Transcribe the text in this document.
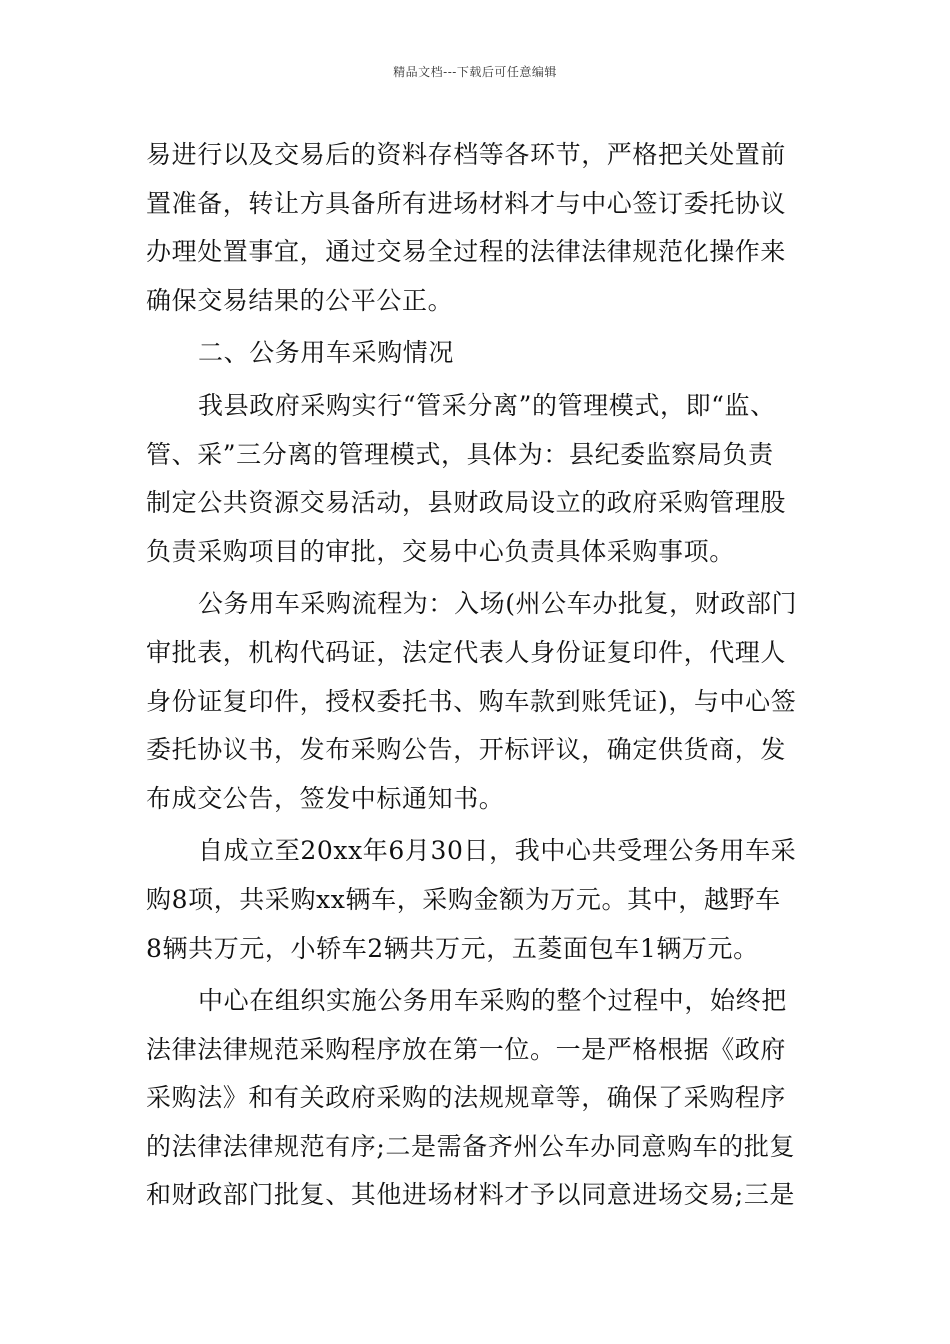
精品文档---下载后可任意编辑
易进行以及交易后的资料存档等各环节，严格把关处置前
置准备，转让方具备所有进场材料才与中心签订委托协议
办理处置事宜，通过交易全过程的法律法律规范化操作来
确保交易结果的公平公正。
二、公务用车采购情况
我县政府采购实行“管采分离”的管理模式，即“监、
管、采”三分离的管理模式，具体为：县纪委监察局负责
制定公共资源交易活动，县财政局设立的政府采购管理股
负责采购项目的审批，交易中心负责具体采购事项。
公务用车采购流程为：入场(州公车办批复，财政部门
审批表，机构代码证，法定代表人身份证复印件，代理人
身份证复印件，授权委托书、购车款到账凭证)，与中心签
委托协议书，发布采购公告，开标评议，确定供货商，发
布成交公告，签发中标通知书。
自成立至20xx年6月30日，我中心共受理公务用车采
购8项，共采购xx辆车，采购金额为万元。其中，越野车
8辆共万元，小轿车2辆共万元，五菱面包车1辆万元。
中心在组织实施公务用车采购的整个过程中，始终把
法律法律规范采购程序放在第一位。一是严格根据《政府
采购法》和有关政府采购的法规规章等，确保了采购程序
的法律法律规范有序;二是需备齐州公车办同意购车的批复
和财政部门批复、其他进场材料才予以同意进场交易;三是
